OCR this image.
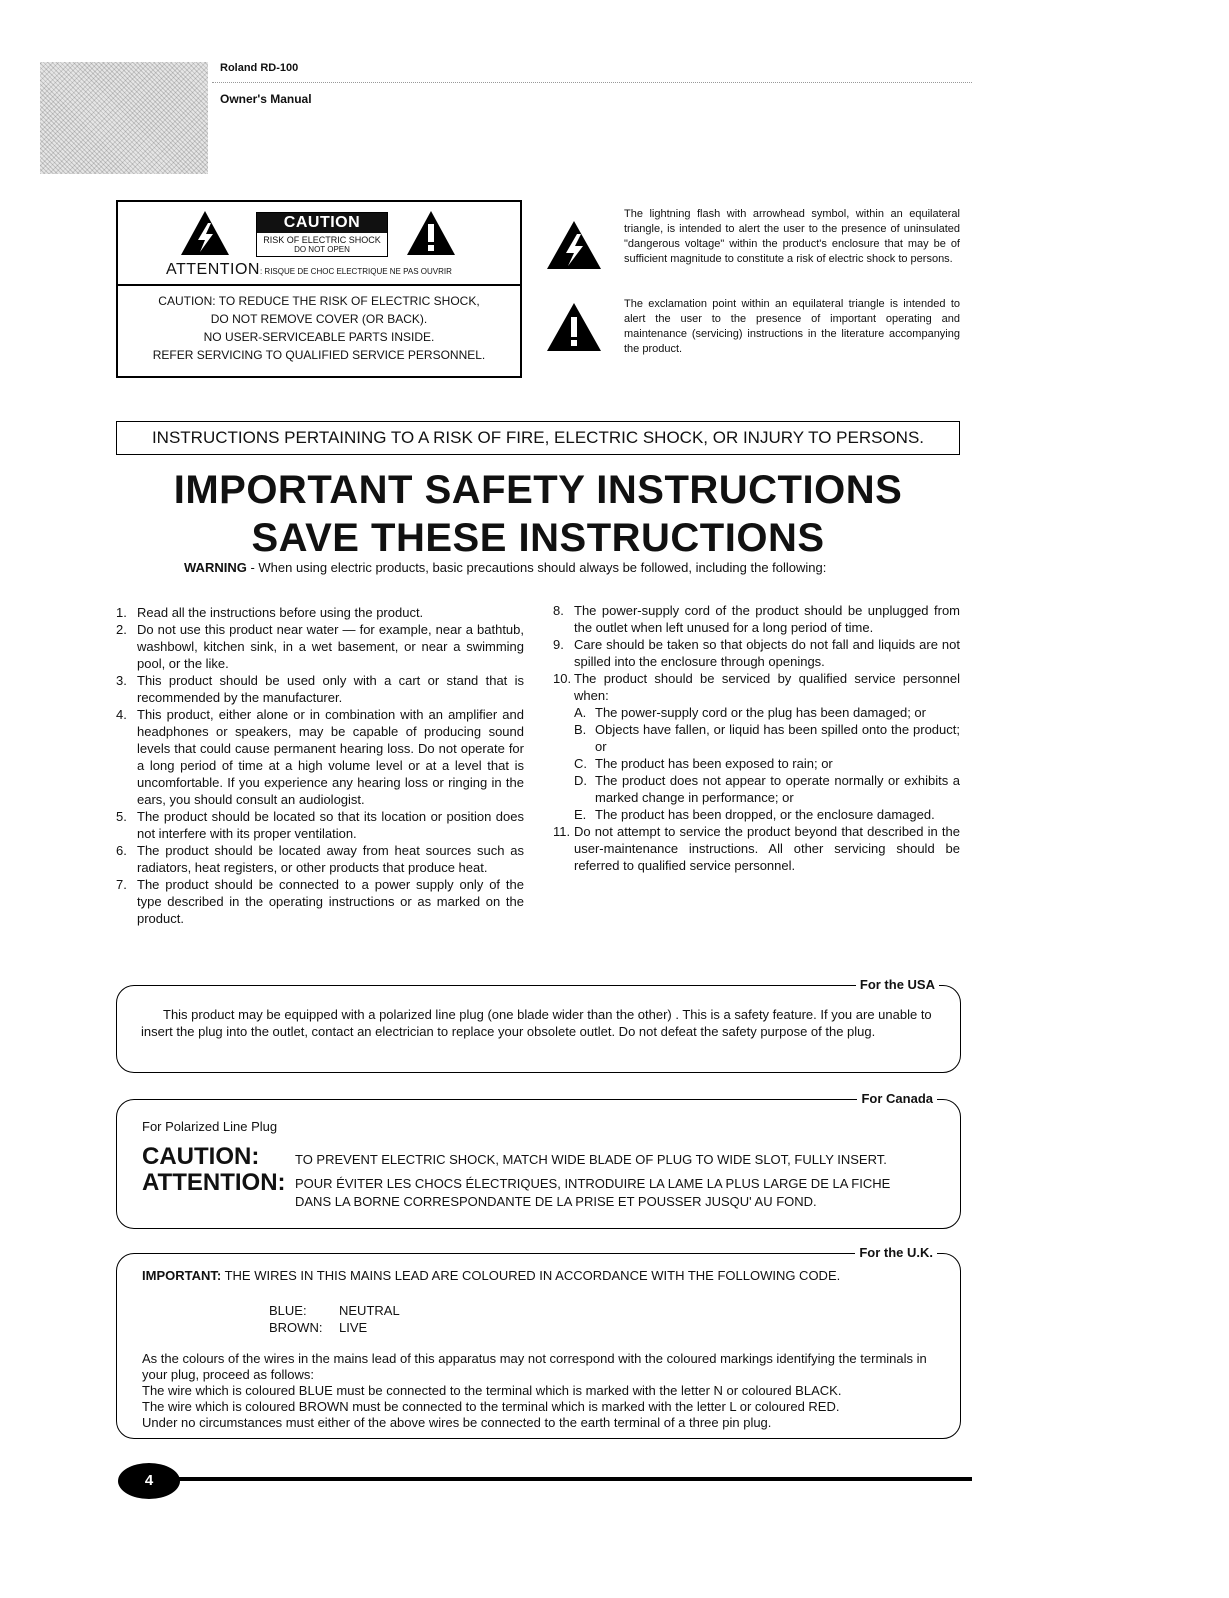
Roland RD-100
Owner's Manual
CAUTION
RISK OF ELECTRIC SHOCK
DO NOT OPEN
ATTENTION: RISQUE DE CHOC ELECTRIQUE NE PAS OUVRIR
CAUTION: TO REDUCE THE RISK OF ELECTRIC SHOCK,
DO NOT REMOVE COVER (OR BACK).
NO USER-SERVICEABLE PARTS INSIDE.
REFER SERVICING TO QUALIFIED SERVICE PERSONNEL.
The lightning flash with arrowhead symbol, within an equilateral triangle, is intended to alert the user to the presence of uninsulated "dangerous voltage" within the product's enclosure that may be of sufficient magnitude to constitute a risk of electric shock to persons.
The exclamation point within an equilateral triangle is intended to alert the user to the presence of important operating and maintenance (servicing) instructions in the literature accompanying the product.
INSTRUCTIONS PERTAINING TO A RISK OF FIRE, ELECTRIC SHOCK, OR INJURY TO PERSONS.
IMPORTANT SAFETY INSTRUCTIONS
SAVE THESE INSTRUCTIONS
WARNING - When using electric products, basic precautions should always be followed, including the following:
1. Read all the instructions before using the product.
2. Do not use this product near water — for example, near a bathtub, washbowl, kitchen sink, in a wet basement, or near a swimming pool, or the like.
3. This product should be used only with a cart or stand that is recommended by the manufacturer.
4. This product, either alone or in combination with an amplifier and headphones or speakers, may be capable of producing sound levels that could cause permanent hearing loss. Do not operate for a long period of time at a high volume level or at a level that is uncomfortable. If you experience any hearing loss or ringing in the ears, you should consult an audiologist.
5. The product should be located so that its location or position does not interfere with its proper ventilation.
6. The product should be located away from heat sources such as radiators, heat registers, or other products that produce heat.
7. The product should be connected to a power supply only of the type described in the operating instructions or as marked on the product.
8. The power-supply cord of the product should be unplugged from the outlet when left unused for a long period of time.
9. Care should be taken so that objects do not fall and liquids are not spilled into the enclosure through openings.
10. The product should be serviced by qualified service personnel when:
A. The power-supply cord or the plug has been damaged; or
B. Objects have fallen, or liquid has been spilled onto the product; or
C. The product has been exposed to rain; or
D. The product does not appear to operate normally or exhibits a marked change in performance; or
E. The product has been dropped, or the enclosure damaged.
11. Do not attempt to service the product beyond that described in the user-maintenance instructions. All other servicing should be referred to qualified service personnel.
For the USA
This product may be equipped with a polarized line plug (one blade wider than the other) . This is a safety feature. If you are unable to insert the plug into the outlet, contact an electrician to replace your obsolete outlet. Do not defeat the safety purpose of the plug.
For Canada
For Polarized Line Plug
CAUTION:	TO PREVENT ELECTRIC SHOCK, MATCH WIDE BLADE OF PLUG TO WIDE SLOT, FULLY INSERT.
ATTENTION: POUR ÉVITER LES CHOCS ÉLECTRIQUES, INTRODUIRE LA LAME LA PLUS LARGE DE LA FICHE
DANS LA BORNE CORRESPONDANTE DE LA PRISE ET POUSSER JUSQU' AU FOND.
For the U.K.
IMPORTANT: THE WIRES IN THIS MAINS LEAD ARE COLOURED IN ACCORDANCE WITH THE FOLLOWING CODE.
BLUE: NEUTRAL
BROWN: LIVE
As the colours of the wires in the mains lead of this apparatus may not correspond with the coloured markings identifying the terminals in your plug, proceed as follows:
The wire which is coloured BLUE must be connected to the terminal which is marked with the letter N or coloured BLACK.
The wire which is coloured BROWN must be connected to the terminal which is marked with the letter L or coloured RED.
Under no circumstances must either of the above wires be connected to the earth terminal of a three pin plug.
4
